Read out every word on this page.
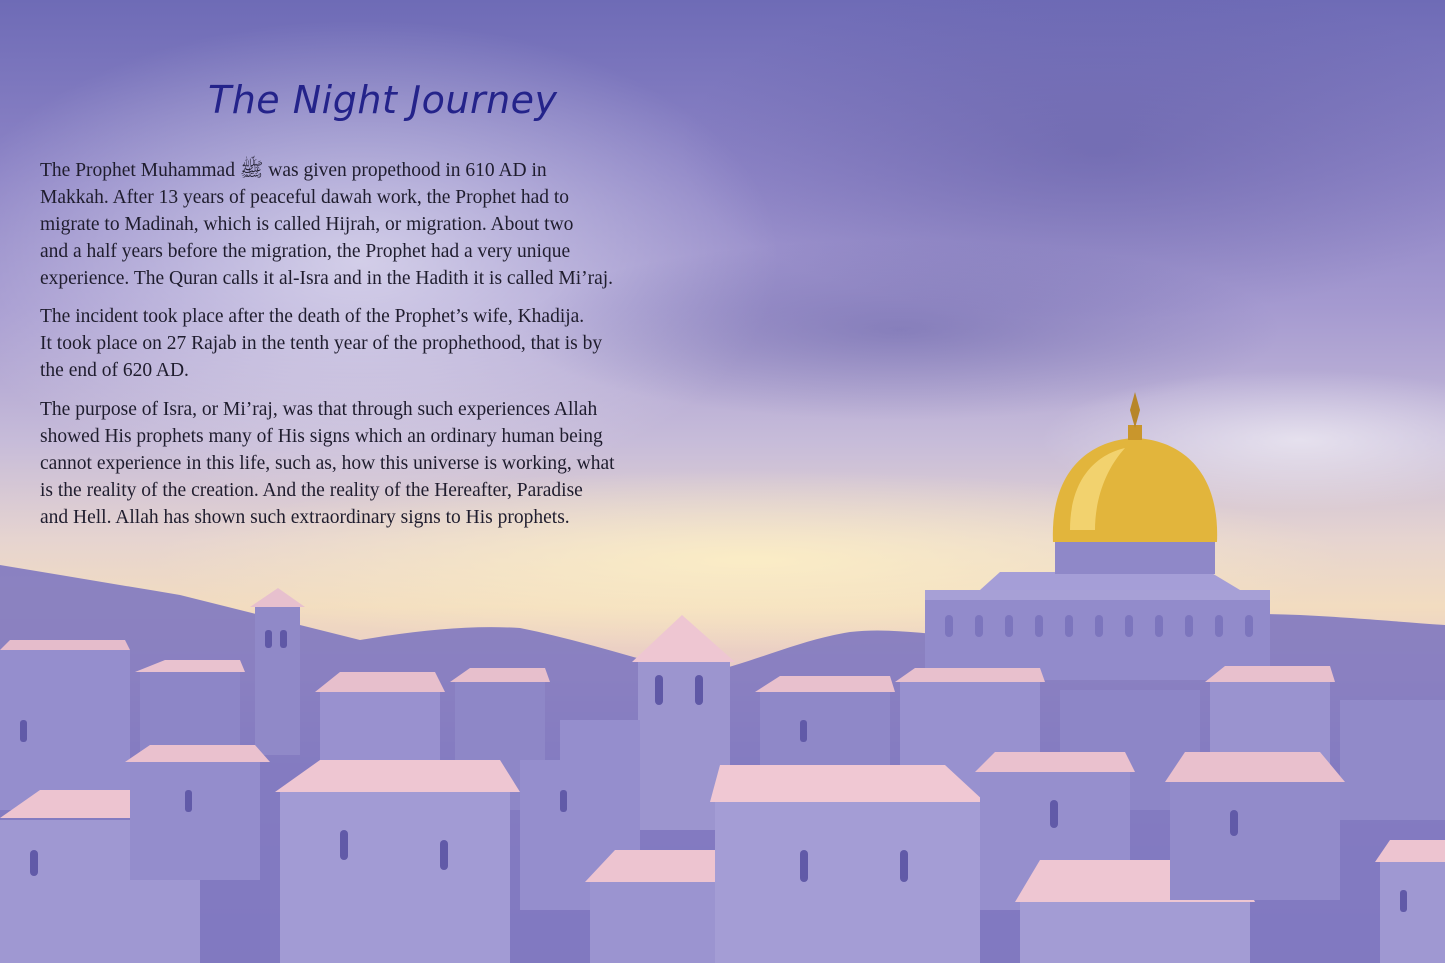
The Night Journey

The Prophet Muhammad ﷺ was given propethood in 610 AD in
Makkah. After 13 years of peaceful dawah work, the Prophet had to
migrate to Madinah, which is called Hijrah, or migration. About two
and a half years before the migration, the Prophet had a very unique
experience. The Quran calls it al-Isra and in the Hadith it is called Mi’raj.

The incident took place after the death of the Prophet’s wife, Khadija.
It took place on 27 Rajab in the tenth year of the prophethood, that is by
the end of 620 AD.

The purpose of Isra, or Mi’raj, was that through such experiences Allah
showed His prophets many of His signs which an ordinary human being
cannot experience in this life, such as, how this universe is working, what
is the reality of the creation. And the reality of the Hereafter, Paradise
and Hell. Allah has shown such extraordinary signs to His prophets.
